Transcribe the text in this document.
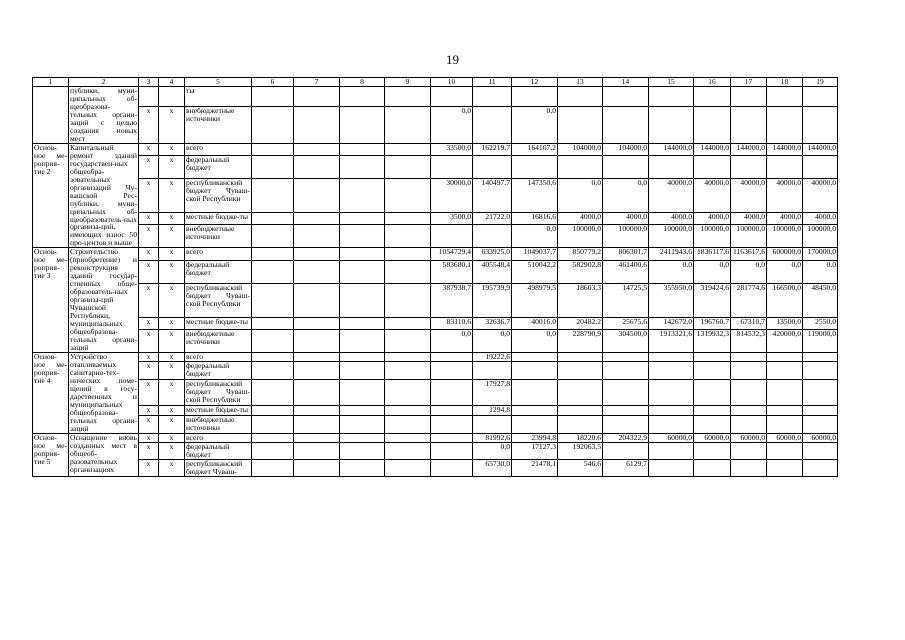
19
1	2	3	4	5	6	7	8	9	10	11	12	13	14	15	16	17	18	19
	публики, муни-ципальных об-щеобразова-тельных органи-заций с целью создания новых мест			ты														
		x	x	внебюджетные источники					0,0		0,0							
Основ-ное ме-роприя-тие 2	Капитальный ремонт зданий государствен-ных общеобра-зовательных организаций Чу-вашской Рес-публики, муни-ципальных об-щеобразователь-ных организа-ций, имеющих износ 50 про-центов и выше	x	x	всего					33500,0	162219,7	164167,2	104000,0	104000,0	144000,0	144000,0	144000,0	144000,0	144000,0
		x	x	федеральный бюджет														
		x	x	республиканский бюджет Чуваш-ской Республики					30000,0	140497,7	147350,6	0,0	0,0	40000,0	40000,0	40000,0	40000,0	40000,0
		x	x	местные бюдже-ты					3500,0	21722,0	16816,6	4000,0	4000,0	4000,0	4000,0	4000,0	4000,0	4000,0
		x	x	внебюджетные источники							0,0	100000,0	100000,0	100000,0	100000,0	100000,0	100000,0	100000,0
Основ-ное ме-роприя-тие 3	Строительство (приобретение) и реконструкция зданий государ-ственных обще-образователь-ных организа-ций Чувашской Республики, муниципальных общеобразова-тельных органи-заций	x	x	всего					1054729,4	633925,0	1049037,7	850779,2	806301,7	2411943,6	1836117,6	1163617,6	600000,0	170000,0
		x	x	федеральный бюджет					583680,1	405548,4	510042,2	582902,8	461400,6	0,0	0,0	0,0	0,0	0,0
		x	x	республиканский бюджет Чуваш-ской Республики					387938,7	195739,9	498979,5	18603,3	14725,5	355950,0	319424,6	281774,6	166500,0	48450,0
		x	x	местные бюдже-ты					83110,6	32636,7	40016,0	20482,2	25675,6	142672,0	196760,7	67310,7	13500,0	2550,0
		x	x	внебюджетные источники					0,0	0,0	0,0	228790,9	304500,0	1913321,6	1319932,3	814532,3	420000,0	119000,0
Основ-ное ме-роприя-тие 4	Устройство отапливаемых санитарно-тех-нических поме-щений в госу-дарственных и муниципальных общеобразова-тельных органи-заций	x	x	всего						19222,6								
		x	x	федеральный бюджет														
		x	x	республиканский бюджет Чуваш-ской Республики						17927,8								
		x	x	местные бюдже-ты						1294,8								
		x	x	внебюджетные источники														
Основ-ное ме-роприя-тие 5	Оснащение вновь созданных мест в общеоб-разовательных организациях	x	x	всего						81992,6	23994,8	18220,6	204322,9	60000,0	60000,0	60000,0	60000,0	60000,0
		x	x	федеральный бюджет						0,0	17127,3	192063,5						
		x	x	республиканский бюджет Чуваш-						65730,0	21478,1	546,6	6129,7					
